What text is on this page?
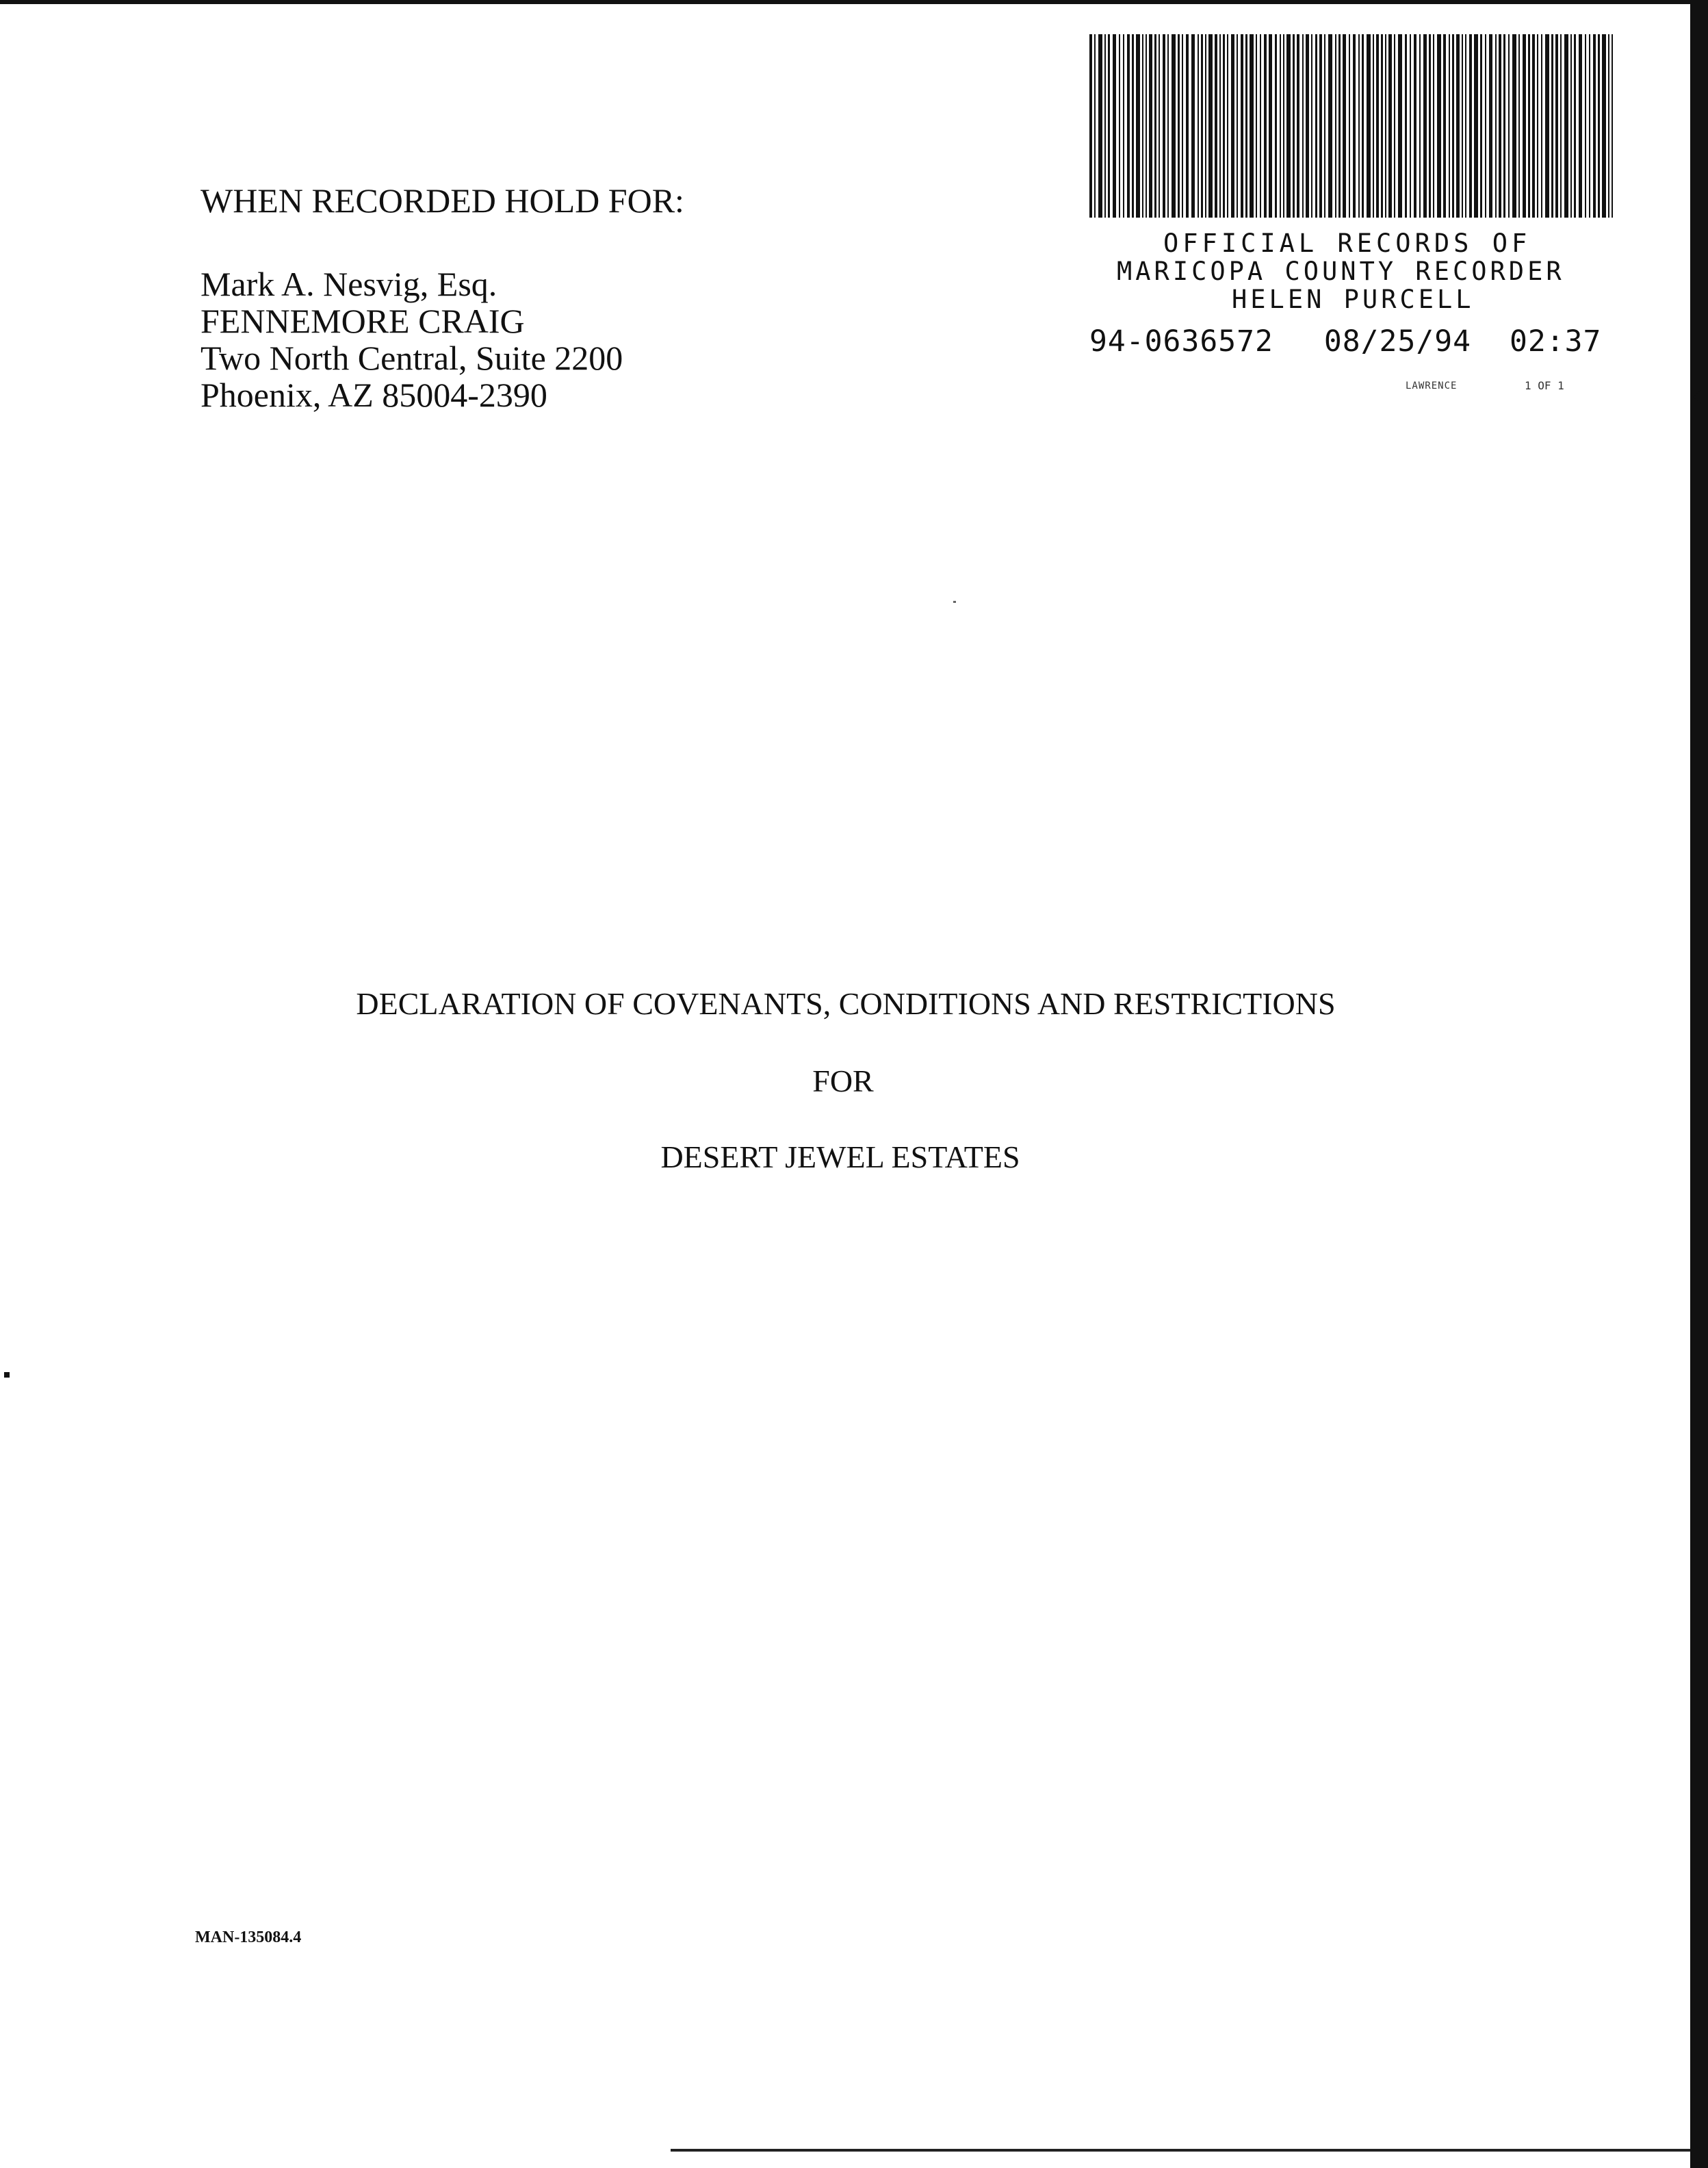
WHEN RECORDED HOLD FOR:
Mark A. Nesvig, Esq.
FENNEMORE CRAIG
Two North Central, Suite 2200
Phoenix, AZ 85004-2390
OFFICIAL RECORDS OF
MARICOPA COUNTY RECORDER
HELEN PURCELL
94-0636572 08/25/94 02:37
LAWRENCE	1 OF 1
DECLARATION OF COVENANTS, CONDITIONS AND RESTRICTIONS
FOR
DESERT JEWEL ESTATES
MAN-135084.4
